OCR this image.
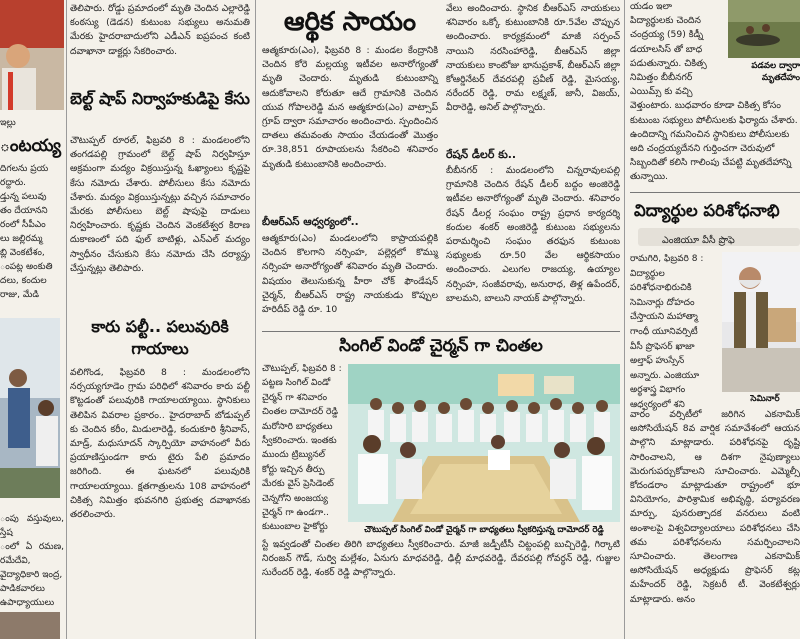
ఇల్లు
ంటయ్య

దిగలను ప్రయ
రద్దారు.
డ్తున్న పలువు
తం దేయానని
రంలో సీపీఎం
లు జల్లిరమ్మ
బ్లి వెంకటేశం,
ంపట్ల అంకుతి
దలు, కందుల
రాజు, మేడి

ంపు వస్తువులు, స్తేష
ంలో ఏ రమణ, రమేదేవి,
వైద్యాధికారి ఇంద్ర,
పాడికవారలు ఉపాధ్యాయులు

తెలిపారు. రోడ్డు ప్రమాదంలో మృతి చెందిన ఎల్లారెడ్డి కంఠస్యు (డెడన) కుటుంబ సభ్యులు అనుమతి మేరకు హైదరాబాదులోని ఎడీఎన్ ఐప్రపంచ కంటి దవాఖానా డాక్టర్లు సేకరించారు.

బెల్ట్ షాప్ నిర్వాహకుడిపై కేసు

చౌటుప్పల్ రూరల్, ఫిబ్రవరి 8 : మండలంలోని తంగడపల్లి గ్రామంలో బెల్ట్ షాప్ నిర్వహిస్తూ అక్రమంగా మద్యం విక్రయిస్తున్న ఓఖ్యాంలు కృష్ణపై కేసు నమోదు చేశారు. పోలీసులు కేసు నమోదు చేశారు. మద్యం విక్రయిస్తున్నట్లు వచ్చిన సమాచారం మేరకు పోలీసులు బెల్ట్ షాపుపై దాడులు నిర్వహించారు. కృష్ణకు చెందిన వెంకటేశ్వర కిరాణ దుకాణంలో పది ఫుల్ బాటిళ్లు, ఎన్ఎల్ మద్యం స్వాధీనం చేసుకుని కేసు నమోదు చేసి దర్యాప్తు చేస్తున్నట్లు తెలిపారు.

కారు పల్టీ.. పలువురికి గాయాలు

వలిగొండ, ఫిబ్రవరి 8 : మండలంలోని నర్సయ్యగూడెం గ్రామ పరిధిలో శనివారం కారు పల్టీ కొట్టడంతో పలువురికి గాయాలయ్యాయి. స్థానికులు తెలిపిన వివరాల ప్రకారం.. హైదరాబాద్ బోడుప్పల్ కు చెందిన కరీం, మిడులారెడ్డి, కందుకూరి శ్రీనివాస్, మాడ్ర్, మధుసూదన్ స్కార్పియో వాహనంలో వీరు ప్రయాణిస్తుండగా కారు టైరు పేలి ప్రమాదం జరిగింది. ఈ ఘటనలో పలువురికి గాయాలయ్యాయి. క్షతగాత్రులను 108 వాహనంలో చికిత్స నిమిత్తం భువనగిరి ప్రభుత్వ దవాఖానకు తరలించారు.

ఆర్థిక సాయం

ఆత్మకూరు(ఎం), ఫిబ్రవరి 8 : మండల కేంద్రానికి చెందిన కోరె మల్లయ్య ఇటీవల అనారోగ్యంతో మృతి చెందారు. మృతుడి కుటుంబాన్ని ఆదుకోవాలని కోరుతూ ఆదే గ్రామానికి చెందిన యువ గోపాలరెడ్డి మన ఆత్మకూరు(ఎం) వాట్సాప్ గ్రూప్ ద్వారా సమాచారం అందించారు. స్పందించిన దాతలు తమవంతు సాయం చేయడంతో మొత్తం రూ.38,851 రూపాయలను సేకరించి శనివారం మృతుడి కుటుంబానికి అందించారు.

బీఆర్ఎస్ ఆధ్వర్యంలో..

ఆత్మకూరు(ఎం) మండలంలోని కాప్రాయపల్లికి చెందిన కొలగాని నర్సింహ, పల్లెర్లలో కొమ్ము నర్సింహ అనారోగ్యంతో శనివారం మృతి చెందారు. విషయం తెలుసుకున్న హీరా చోక్ ఫౌండేషన్ చైర్మన్, బీఆర్ఎస్ రాష్ట్ర నాయకుడు కొప్పుల హరిదీప్ రెడ్డి రూ. 10

వేలు అందించారు. స్థానిక బీఆర్ఎస్ నాయకులు శనివారం ఒక్కో కుటుంబానికి రూ.5వేల చొప్పున అందించారు. కార్యక్రమంలో మాజీ సర్పంచ్ నాయిని నరసింహారెడ్డి, బీఆర్ఎస్ జిల్లా నాయకులు కాంటోజు భానుప్రకాశ్, బీఆర్ఎస్ జిల్లా కోఆర్డినేటర్ దేవరపల్లి ప్రవీణ్ రెడ్డి, మైసయ్య, నరేందర్ రెడ్డి, రామ లక్ష్మణ్, జానీ, విజయ్, వీరారెడ్డి, అనిల్ పాల్గొన్నారు.

రేషన్ డీలర్ కు..

బీబీనగర్ : మండలంలోని చిన్నరావులపల్లి గ్రామానికి చెందిన రేషన్ డీలర్ బద్దం అంజిరెడ్డి ఇటీవల అనారోగ్యంతో మృతి చెందారు. శనివారం రేషన్ డీలర్ల సంఘం రాష్ట్ర ప్రధాన కార్యదర్శి కందుల శంకర్ అంజిరెడ్డి కుటుంబ సభ్యులను పరామర్శించి సంఘం తరఫున కుటుంబ సభ్యులకు రూ.50 వేల ఆర్థికసాయం అందించారు. ఎలుగల రాజయ్య, ఉయ్యాల నర్సింహ, సంజీవరావు, అనురాధ, తిళ్ల ఉపేందర్, బాలమని, బాలుని నాయక్ పాల్గొన్నారు.

సింగిల్ విండో చైర్మన్ గా చింతల

చౌటుప్పల్, ఫిబ్రవరి 8 : పట్టణ సింగిల్ విండో చైర్మన్ గా శనివారం చింతల దామోదర్ రెడ్డి మరోసారి బాధ్యతలు స్వీకరించారు. ఇంతకు ముందు ట్రిబ్యునల్ కోర్టు ఇచ్చిన తీర్పు మేరకు వైస్ ప్రెసిడెంట్ చెన్నగోని అంజయ్య చైర్మన్ గా ఉండగా.. కుటుంబాల హైకోర్టు	చౌటుప్పల్ సింగిల్ విండో చైర్మన్ గా బాధ్యతలు స్వీకరిస్తున్న దామోదర్ రెడ్డి

స్టే ఇవ్వడంతో చింతల తిరిగి బాధ్యతలు స్వీకరించారు. మాజీ జడ్పీటీసీ చిట్టంపల్లి బుచ్చిరెడ్డి, గిర్కాటి నిరంజన్ గౌడ్, సుర్వి మల్లేశం, ఏనుగు మాధవరెడ్డి, ఢిల్లీ మాధవరెడ్డి, దేవరపల్లి గోవర్ధన్ రెడ్డి, గుజ్జుల సురేందర్ రెడ్డి, శంకర్ రెడ్డి పాల్గొన్నారు.

యడం ఇలా
పిద్యార్థులకు చెందిన
చంద్రయ్య (59) కిడ్నీ
డయాలసిస్ తో బాధ
పడుతున్నారు. చికిత్స
నిమిత్తం బీబీనగర్
ఎయిమ్స్ కు వచ్చి
వెళ్తుంటారు. బుధవారం కూడా చికిత్స కోసం
కుటుంబ సభ్యులు పోలీసులకు ఫిర్యాదు చేశారు.
ఉందిదాన్ని గమనించిన స్థానికులు పోలీసులకు
అది చంద్రయ్యదేనని గుర్తించగా చెరువులో
సిబ్బందితో కలిసి గాలింపు చేపట్టి మృతదేహాన్ని
తున్నాయి.

పడవల ద్వారా
మృతదేహం
విద్యార్థుల పరిశోధనాభి
ఎంజియూ వీసీ ప్రొఫె

రామగిరి, ఫిబ్రవరి 8 : విద్యార్థుల పరిశోధనాభిరుచికి సెమినార్లు దోహదం చేస్తాయని మహాత్మా గాంధీ యూనివర్సిటీ వీసీ ప్రొఫెసర్ ఖాజా అల్తాఫ్ హుస్సేన్ అన్నారు. ఎంజియూ అర్థశాస్త్ర విభాగం ఆధ్వర్యంలో శని

సెమినార్

వారం వర్సిటీలో జరిగిన ఎకనామిక్ అసోసియేషన్ 8వ వార్షిక సమావేశంలో ఆయన పాల్గొని మాట్లాడారు. పరిశోధనపై దృష్టి సారించాలని, ఆ దిశగా నైపుణ్యాలు మెరుగుపర్చుకోవాలని సూచించారు. ఎమ్మెల్సీ కోదండరాం మాట్లాడుతూ రాష్ట్రంలో భూ వినియోగం, పారిశ్రామిక అభివృద్ధి, పర్యావరణ మార్పు, పునరుత్పాదక వనరులు వంటి అంశాలపై విశ్వవిద్యాలయాలు పరిశోధనలు చేసి తమ పరిశోధనలను సమర్పించాలని సూచించారు. తెలంగాణ ఎకనామిక్ అసోసియేషన్ అధ్యక్షుడు ప్రొఫెసర్ కట్ల మహేందర్ రెడ్డి, సెక్రటరీ టీ. వెంకటేశ్వర్లు మాట్లాడారు. అనం
